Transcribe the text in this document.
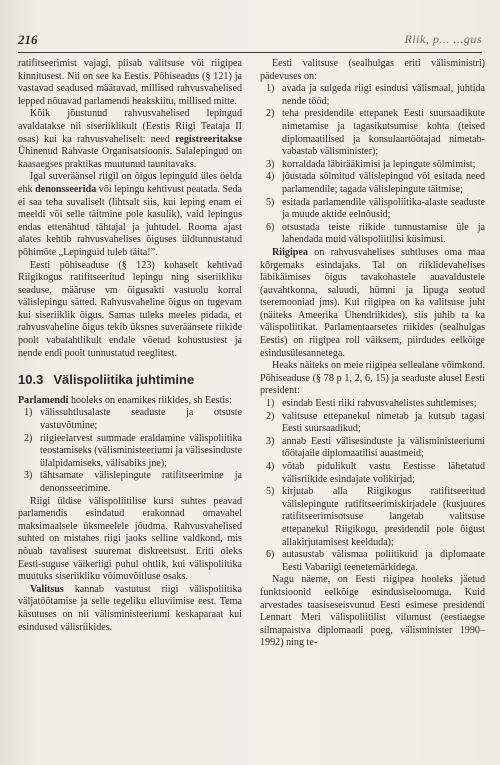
216	Riik, p... ...gus

ratifitseerimist vajagi, piisab valitsuse või riigipea kinnitusest. Nii on see ka Eestis. Põhiseadus (§ 121) ja vastavad seadused määravad, millised rahvusvahelised lepped nõuavad parlamendi heakskiitu, millised mitte.

Kõik jõustunud rahvusvahelised lepingud avaldatakse nii siseriiklikult (Eestis Riigi Teataja II osas) kui ka rahvusvaheliselt: need registreeritakse Ühinenud Rahvaste Organisatsioonis. Salalepingud on kaasaegses praktikas muutunud taunitavaks.

Igal suveräänsel riigil on õigus lepinguid üles öelda ehk denonsseerida või lepingu kehtivust peatada. Seda ei saa teha suvaliselt (lihtsalt siis, kui leping enam ei meeldi või selle täitmine pole kasulik), vaid lepingus endas ettenähtud tähtajal ja juhtudel. Rooma ajast alates kehtib rahvusvahelises õiguses üldtunnustatud põhimõte „Lepinguid tuleb täita!”.

Eesti põhiseaduse (§ 123) kohaselt kehtivad Riigikogus ratifitseeritud lepingu ning siseriikliku seaduse, määruse vm õigusakti vastuolu korral välislepingu sätted. Rahvusvaheline õigus on tugevam kui siseriiklik õigus. Samas tuleks meeles pidada, et rahvusvaheline õigus tekib üksnes suveräänsete riikide poolt vabatahtlikult endale võetud kohustustest ja nende endi poolt tunnustatud reeglitest.

10.3 Välispoliitika juhtimine

Parlamendi hooleks on enamikes riikides, sh Eestis:

1) välissuhtlusalaste seaduste ja otsuste vastuvõtmine;
2) riigieelarvest summade eraldamine välispoliitika teostamiseks (välisministeeriumi ja välisesinduste ülalpidamiseks, välisabiks jne);
3) tähtsamate välislepingute ratifitseerimine ja denonsseerimine.

Riigi üldise välispoliitilise kursi suhtes peavad parlamendis esindatud erakonnad omavahel maksimaalsele üksmeelele jõudma. Rahvusvahelised suhted on mistahes riigi jaoks selline valdkond, mis nõuab tavalisest suuremat diskreetsust. Eriti oleks Eesti-suguse väikeriigi puhul ohtlik, kui välispoliitika muutuks siseriikliku võimuvõitluse osaks.

Valitsus kannab vastutust riigi välispoliitika väljatöötamise ja selle tegeliku elluviimise eest. Tema käsutuses on nii välisministeeriumi keskaparaat kui esindused välisriikides.

Eesti valitsuse (sealhulgas eriti välisministri) pädevuses on:

1) avada ja sulgeda riigi esindusi välismaal, juhtida nende tööd;
2) teha presidendile ettepanek Eesti suursaadikute nimetamise ja tagasikutsumise kohta (teised diplomaatilised ja konsulaartöötajad nimetab-vabastab välisminister);
3) korraldada läbirääkimisi ja lepingute sõlmimist;
4) jõustada sõlmitud välislepingud või esitada need parlamendile; tagada välislepingute täitmise;
5) esitada parlamendile välispoliitika-alaste seaduste ja muude aktide eelnõusid;
6) otsustada teiste riikide tunnustamise üle ja lahendada muid välispoliitilisi küsimusi.

Riigipea on rahvusvahelises suhtluses oma maa kõrgemaks esindajaks. Tal on riiklidevahelises läbikäimises õigus tavakohastele auavaldustele (auvahtkonna, saluudi, hümni ja lipuga seotud tseremooniad jms). Kui riigipea on ka valitsuse juht (näiteks Ameerika Ühendriikides), siis juhib ta ka välispoliitikat. Parlamentaarsetes riikides (sealhulgas Eestis) on riigipea roll väiksem, piirdudes eelkõige esindusülesannetega.

Heaks näiteks on meie riigipea sellealane võimkond. Põhiseaduse (§ 78 p 1, 2, 6, 15) ja seaduste alusel Eesti president:

1) esindab Eesti riiki rahvusvahelistes suhtlemises;
2) valitsuse ettepanekul nimetab ja kutsub tagasi Eesti suursaadikud;
3) annab Eesti välisesinduste ja välisministeeriumi töötajaile diplomaatilisi auastmeid;
4) võtab pidulikult vastu Eestisse lähetatud välisriikide esindajate volikirjad;
5) kirjutab alla Riigikogus ratifitseeritud välislepingute ratifitseerimiskirjadele (kusjuures ratifitseerimisotsuse langetab valitsuse ettepanekul Riigikogu, presidendil pole õigust allakirjutamisest keelduda);
6) autasustab välismaa poliitikuid ja diplomaate Eesti Vabariigi teenetemärkidega.

Nagu näeme, on Eesti riigipea hooleks jäetud funktsioonid eelkõige esindusiseloomuga. Kuid arvestades taasiseseisvunud Eesti esimese presidendi Lennart Meri välispoliitilist vilumust (eestiaegse silmapaistva diplomaadi poeg, välisminister 1990–1992) ning te-
